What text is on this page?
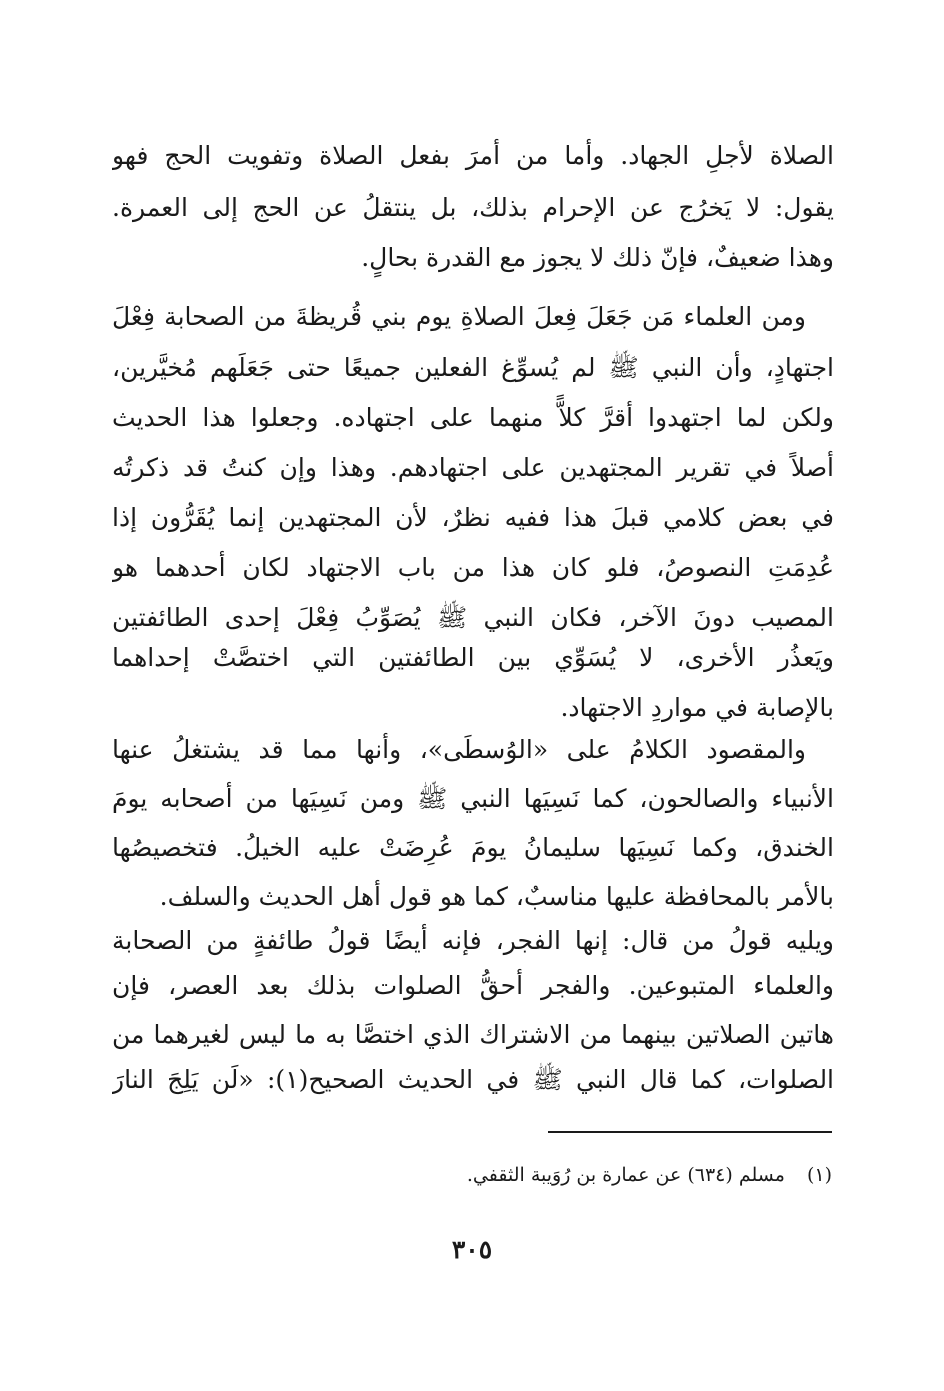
الصلاة لأجلِ الجهاد. وأما من أمرَ بفعل الصلاة وتفويت الحج فهو
يقول: لا يَخرُج عن الإحرام بذلك، بل ينتقلُ عن الحج إلى العمرة.
وهذا ضعيفٌ، فإنّ ذلك لا يجوز مع القدرة بحالٍ.
ومن العلماء مَن جَعَلَ فِعلَ الصلاةِ يوم بني قُريظةَ من الصحابة فِعْلَ
اجتهادٍ، وأن النبي ﷺ لم يُسوِّغ الفعلين جميعًا حتى جَعَلَهم مُخيَّرين،
ولكن لما اجتهدوا أقرَّ كلاًّ منهما على اجتهاده. وجعلوا هذا الحديث
أصلاً في تقرير المجتهدين على اجتهادهم. وهذا وإن كنتُ قد ذكرتُه
في بعض كلامي قبلَ هذا ففيه نظرٌ، لأن المجتهدين إنما يُقَرُّون إذا
عُدِمَتِ النصوصُ، فلو كان هذا من باب الاجتهاد لكان أحدهما هو
المصيب دونَ الآخر، فكان النبي ﷺ يُصَوِّبُ فِعْلَ إحدى الطائفتين
ويَعذُر الأخرى، لا يُسَوِّي بين الطائفتين التي اختصَّتْ إحداهما
بالإصابة في مواردِ الاجتهاد.
والمقصود الكلامُ على «الوُسطَى»، وأنها مما قد يشتغلُ عنها
الأنبياء والصالحون، كما نَسِيَها النبي ﷺ ومن نَسِيَها من أصحابه يومَ
الخندق، وكما نَسِيَها سليمانُ يومَ عُرِضَتْ عليه الخيلُ. فتخصيصُها
بالأمر بالمحافظة عليها مناسبٌ، كما هو قول أهل الحديث والسلف.
ويليه قولُ من قال: إنها الفجر، فإنه أيضًا قولُ طائفةٍ من الصحابة
والعلماء المتبوعين. والفجر أحقُّ الصلوات بذلك بعد العصر، فإن
هاتين الصلاتين بينهما من الاشتراك الذي اختصَّا به ما ليس لغيرهما من
الصلوات، كما قال النبي ﷺ في الحديث الصحيح(١): «لَن يَلِجَ النارَ
(١) مسلم (٦٣٤) عن عمارة بن رُوَيبة الثقفي.
٣٠٥
